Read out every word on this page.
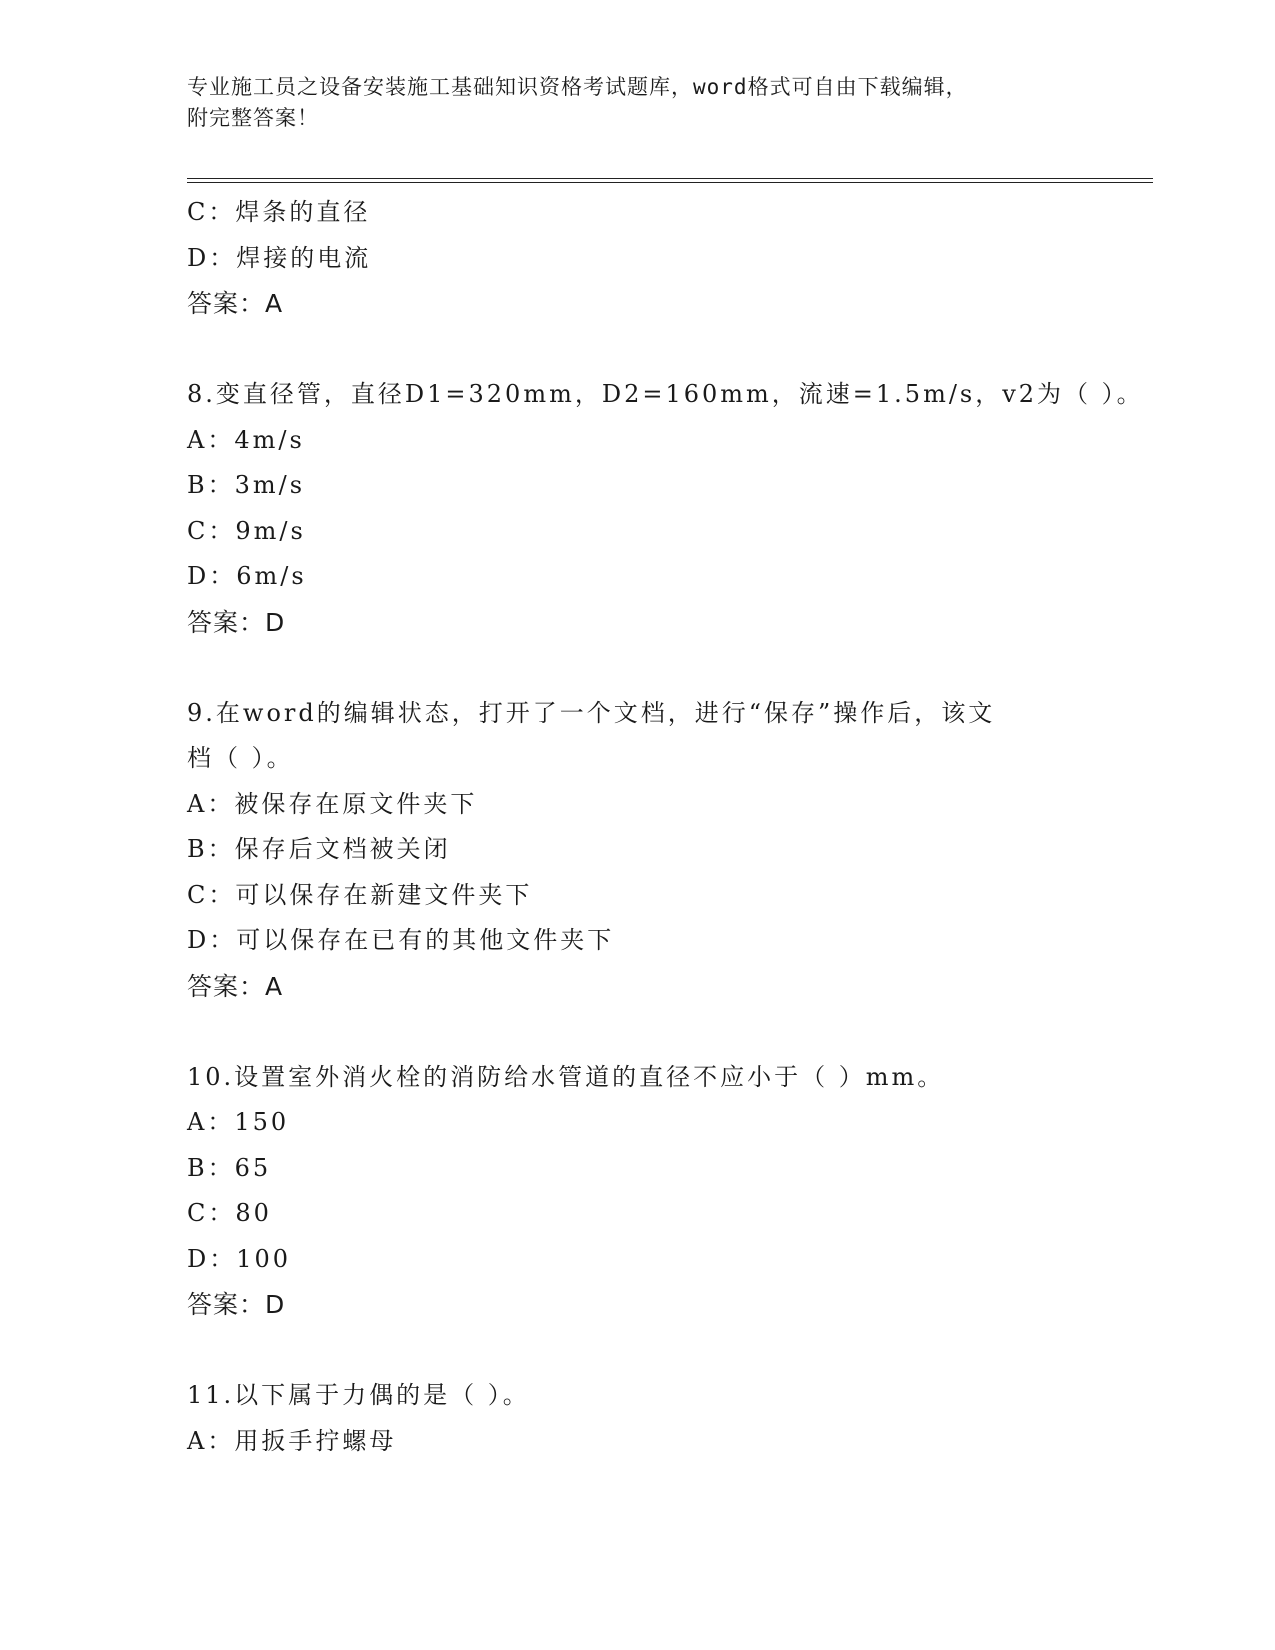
专业施工员之设备安装施工基础知识资格考试题库，word格式可自由下载编辑，
附完整答案！
C：焊条的直径
D：焊接的电流
答案：A
8.变直径管，直径D1=320mm，D2=160mm，流速=1.5m/s，v2为（ ）。
A：4m/s
B：3m/s
C：9m/s
D：6m/s
答案：D
9.在word的编辑状态，打开了一个文档，进行“保存”操作后，该文
档（ ）。
A：被保存在原文件夹下
B：保存后文档被关闭
C：可以保存在新建文件夹下
D：可以保存在已有的其他文件夹下
答案：A
10.设置室外消火栓的消防给水管道的直径不应小于（ ）mm。
A：150
B：65
C：80
D：100
答案：D
11.以下属于力偶的是（ ）。
A：用扳手拧螺母
